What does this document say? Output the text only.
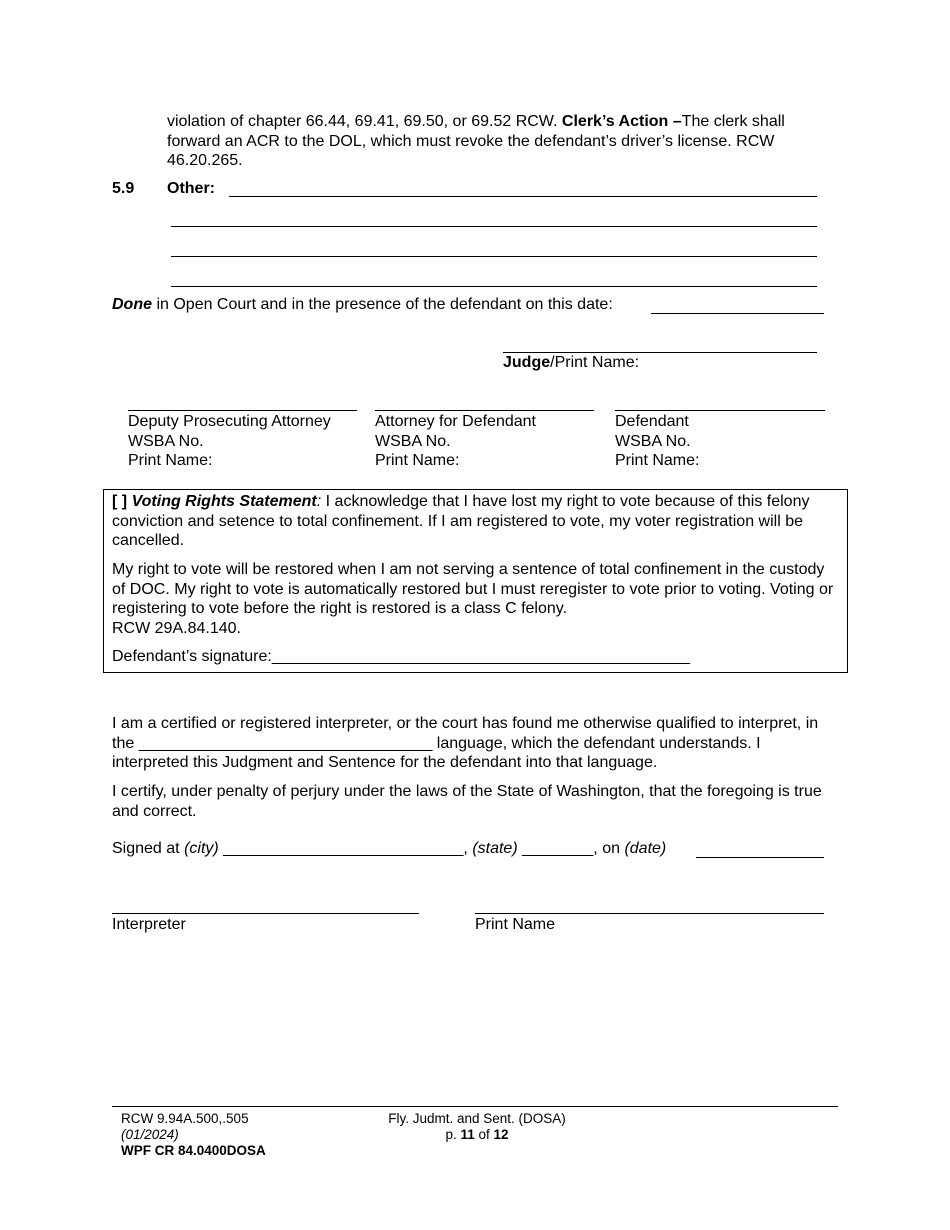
violation of chapter 66.44, 69.41, 69.50, or 69.52 RCW. Clerk’s Action –The clerk shall forward an ACR to the DOL, which must revoke the defendant’s driver’s license. RCW 46.20.265.
5.9 Other:
Done in Open Court and in the presence of the defendant on this date:
Judge/Print Name:
Deputy Prosecuting Attorney
WSBA No.
Print Name:
Attorney for Defendant
WSBA No.
Print Name:
Defendant
WSBA No.
Print Name:
[ ] Voting Rights Statement: I acknowledge that I have lost my right to vote because of this felony conviction and setence to total confinement. If I am registered to vote, my voter registration will be cancelled.
My right to vote will be restored when I am not serving a sentence of total confinement in the custody of DOC. My right to vote is automatically restored but I must reregister to vote prior to voting. Voting or registering to vote before the right is restored is a class C felony.
RCW 29A.84.140.
Defendant’s signature:_______________________________________________
I am a certified or registered interpreter, or the court has found me otherwise qualified to interpret, in the _________________________________ language, which the defendant understands. I interpreted this Judgment and Sentence for the defendant into that language.
I certify, under penalty of perjury under the laws of the State of Washington, that the foregoing is true and correct.
Signed at (city) ___________________________, (state) ________, on (date)
Interpreter	Print Name
RCW 9.94A.500,.505
(01/2024)
WPF CR 84.0400DOSA
Fly. Judmt. and Sent. (DOSA)
p. 11 of 12
